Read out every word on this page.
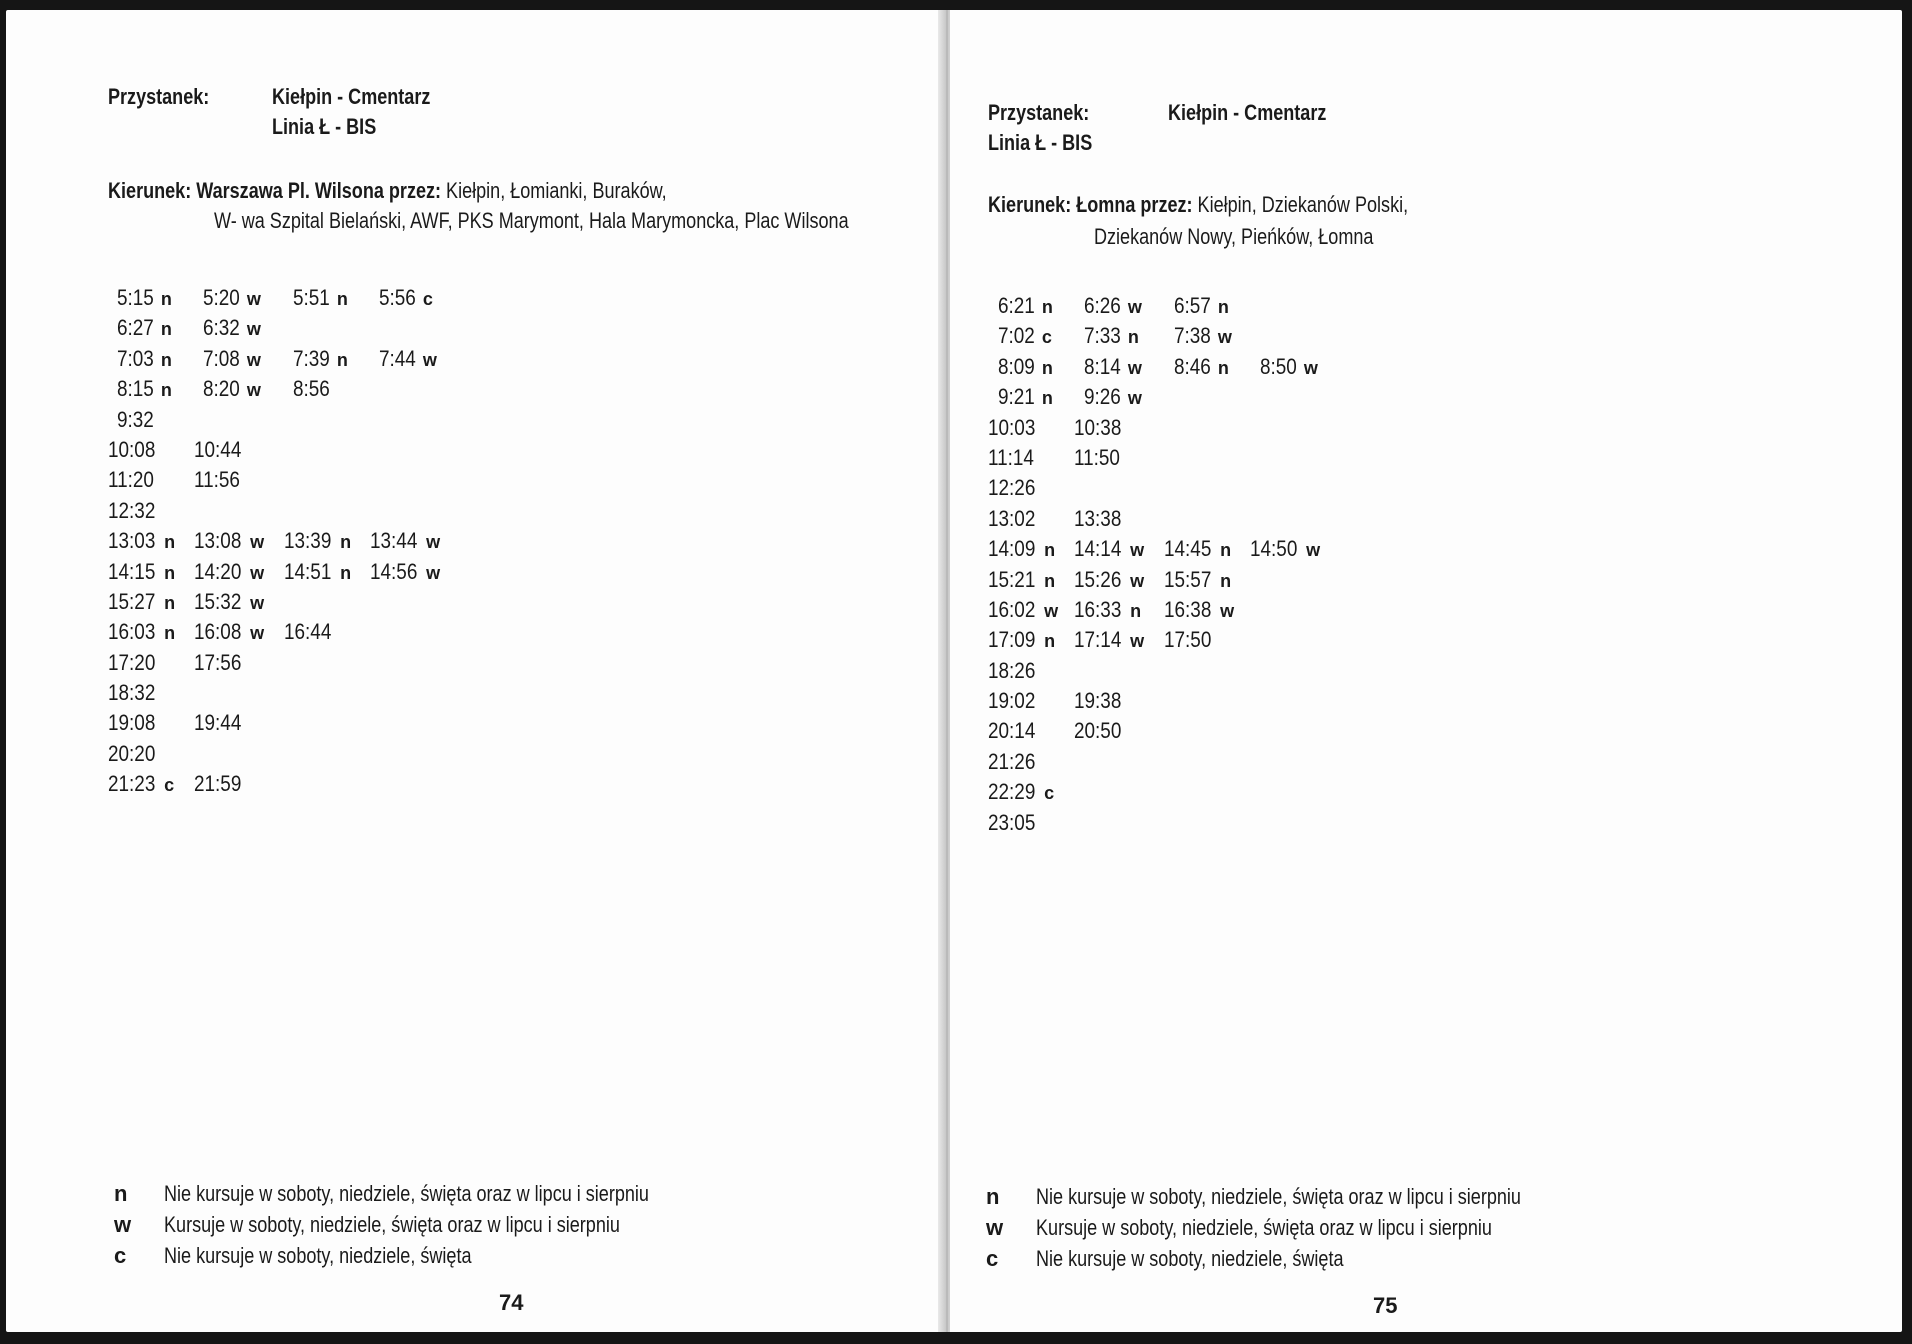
Przystanek:	Kiełpin - Cmentarz
Linia Ł - BIS
Kierunek: Warszawa Pl. Wilsona przez: Kiełpin, Łomianki, Buraków,
W- wa Szpital Bielański, AWF, PKS Marymont, Hala Marymoncka, Plac Wilsona
5:15 n 5:20 w 5:51 n 5:56 c
6:27 n 6:32 w
7:03 n 7:08 w 7:39 n 7:44 w
8:15 n 8:20 w 8:56
9:32
10:08	10:44
11:20	11:56
12:32
13:03 n 13:08 w 13:39 n 13:44 w
14:15 n 14:20 w 14:51 n 14:56 w
15:27 n 15:32 w
16:03 n 16:08 w 16:44
17:20	17:56
18:32
19:08	19:44
20:20
21:23 c 21:59
n Nie kursuje w soboty, niedziele, święta oraz w lipcu i sierpniu
w Kursuje w soboty, niedziele, święta oraz w lipcu i sierpniu
c Nie kursuje w soboty, niedziele, święta
74
Przystanek:	Kiełpin - Cmentarz
Linia Ł - BIS
Kierunek: Łomna przez: Kiełpin, Dziekanów Polski,
Dziekanów Nowy, Pieńków, Łomna
6:21 n 6:26 w 6:57 n
7:02 c 7:33 n 7:38 w
8:09 n 8:14 w 8:46 n 8:50 w
9:21 n 9:26 w
10:03	10:38
11:14	11:50
12:26
13:02	13:38
14:09 n 14:14 w 14:45 n 14:50 w
15:21 n 15:26 w 15:57 n
16:02 w 16:33 n 16:38 w
17:09 n 17:14 w 17:50
18:26
19:02	19:38
20:14	20:50
21:26
22:29 c
23:05
n Nie kursuje w soboty, niedziele, święta oraz w lipcu i sierpniu
w Kursuje w soboty, niedziele, święta oraz w lipcu i sierpniu
c Nie kursuje w soboty, niedziele, święta
75
